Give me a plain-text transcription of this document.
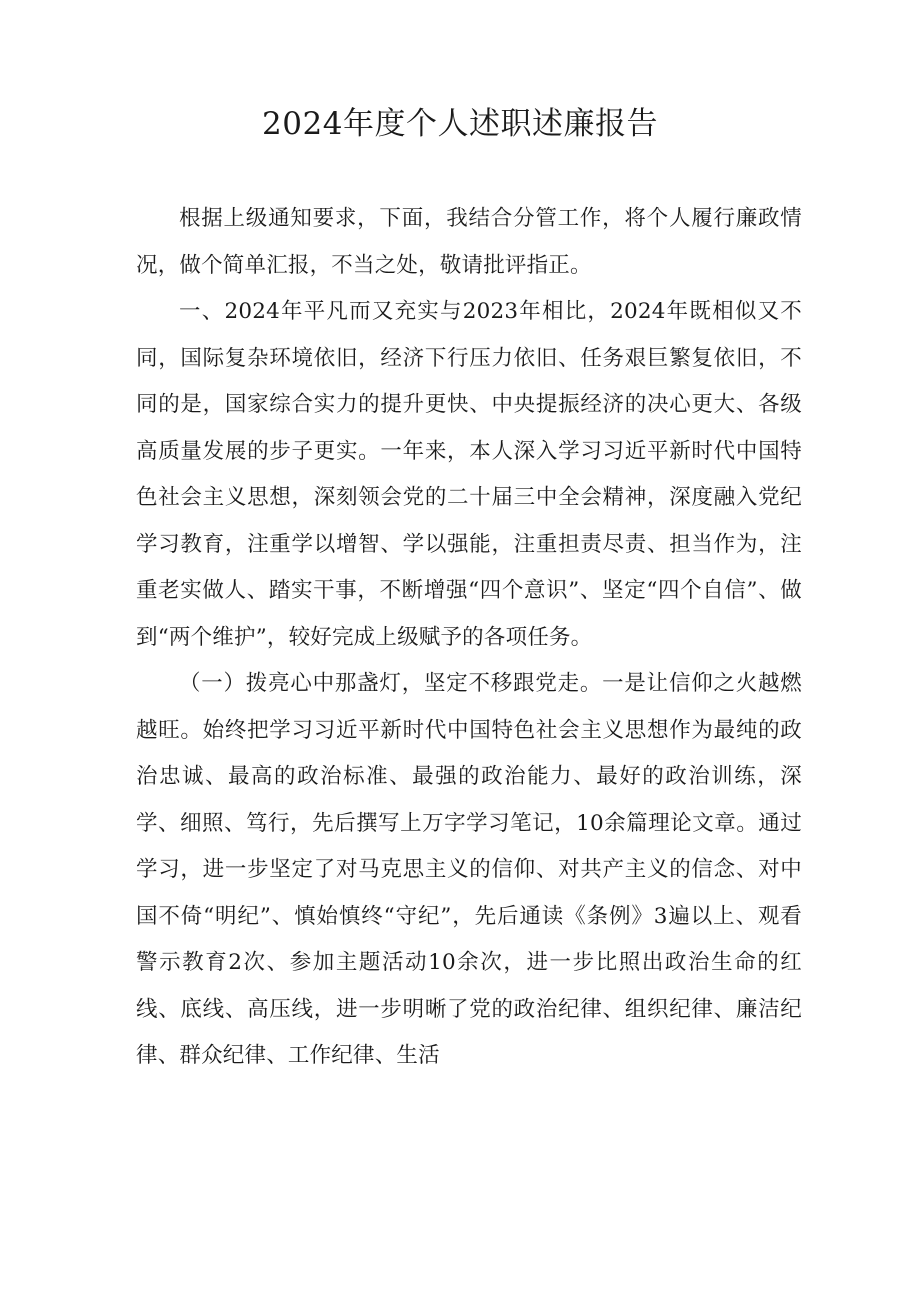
2024年度个人述职述廉报告

根据上级通知要求，下面，我结合分管工作，将个人履行廉政情况，做个简单汇报，不当之处，敬请批评指正。

一、2024年平凡而又充实与2023年相比，2024年既相似又不同，国际复杂环境依旧，经济下行压力依旧、任务艰巨繁复依旧，不同的是，国家综合实力的提升更快、中央提振经济的决心更大、各级高质量发展的步子更实。一年来，本人深入学习习近平新时代中国特色社会主义思想，深刻领会党的二十届三中全会精神，深度融入党纪学习教育，注重学以增智、学以强能，注重担责尽责、担当作为，注重老实做人、踏实干事，不断增强“四个意识”、坚定“四个自信”、做到“两个维护”，较好完成上级赋予的各项任务。

（一）拨亮心中那盏灯，坚定不移跟党走。一是让信仰之火越燃越旺。始终把学习习近平新时代中国特色社会主义思想作为最纯的政治忠诚、最高的政治标准、最强的政治能力、最好的政治训练，深学、细照、笃行，先后撰写上万字学习笔记，10余篇理论文章。通过学习，进一步坚定了对马克思主义的信仰、对共产主义的信念、对中国不倚“明纪”、慎始慎终“守纪”，先后通读《条例》3遍以上、观看警示教育2次、参加主题活动10余次，进一步比照出政治生命的红线、底线、高压线，进一步明晰了党的政治纪律、组织纪律、廉洁纪律、群众纪律、工作纪律、生活
